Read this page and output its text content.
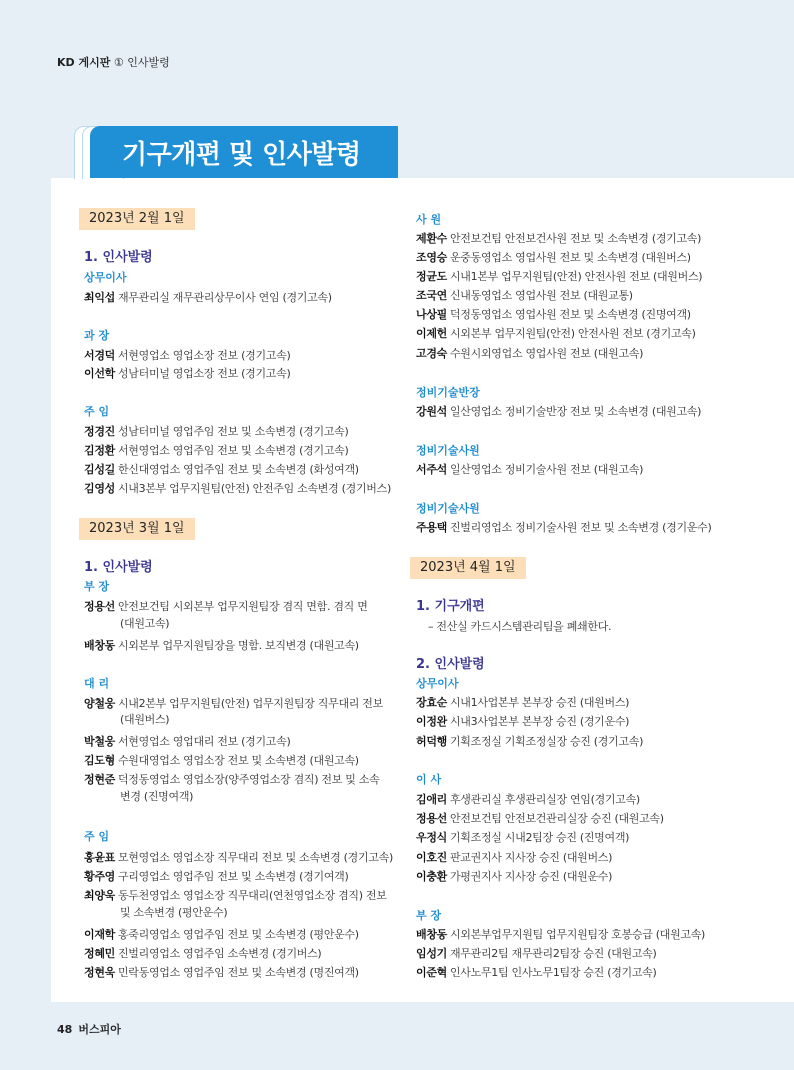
KD 게시판 ① 인사발령
기구개편 및 인사발령
2023년 2월 1일
1. 인사발령
상무이사
최익섭 재무관리실 재무관리상무이사 연임 (경기고속)
과 장
서경덕 서현영업소 영업소장 전보 (경기고속)
이선학 성남터미널 영업소장 전보 (경기고속)
주 임
정경진 성남터미널 영업주임 전보 및 소속변경 (경기고속)
김정환 서현영업소 영업주임 전보 및 소속변경 (경기고속)
김성길 한신대영업소 영업주임 전보 및 소속변경 (화성여객)
김영성 시내3본부 업무지원팀(안전) 안전주임 소속변경 (경기버스)
2023년 3월 1일
1. 인사발령
부 장
정용선 안전보건팀 시외본부 업무지원팀장 겸직 면함. 겸직 면
(대원고속)
배창동 시외본부 업무지원팀장을 명함. 보직변경 (대원고속)
대 리
양철웅 시내2본부 업무지원팀(안전) 업무지원팀장 직무대리 전보
(대원버스)
박철웅 서현영업소 영업대리 전보 (경기고속)
김도형 수원대영업소 영업소장 전보 및 소속변경 (대원고속)
정현준 덕정동영업소 영업소장(양주영업소장 겸직) 전보 및 소속
변경 (진명여객)
주 임
홍윤표 모현영업소 영업소장 직무대리 전보 및 소속변경 (경기고속)
황주영 구리영업소 영업주임 전보 및 소속변경 (경기여객)
최양욱 동두천영업소 영업소장 직무대리(연천영업소장 겸직) 전보
및 소속변경 (평안운수)
이재학 홍죽리영업소 영업주임 전보 및 소속변경 (평안운수)
정혜민 진벌리영업소 영업주임 소속변경 (경기버스)
정현욱 민락동영업소 영업주임 전보 및 소속변경 (명진여객)
사 원
제환수 안전보건팀 안전보건사원 전보 및 소속변경 (경기고속)
조영승 운중동영업소 영업사원 전보 및 소속변경 (대원버스)
정균도 시내1본부 업무지원팀(안전) 안전사원 전보 (대원버스)
조국연 신내동영업소 영업사원 전보 (대원교통)
나상필 덕정동영업소 영업사원 전보 및 소속변경 (진명여객)
이제헌 시외본부 업무지원팀(안전) 안전사원 전보 (경기고속)
고경숙 수원시외영업소 영업사원 전보 (대원고속)
정비기술반장
강원석 일산영업소 정비기술반장 전보 및 소속변경 (대원고속)
정비기술사원
서주석 일산영업소 정비기술사원 전보 (대원고속)
정비기술사원
주용택 진벌리영업소 정비기술사원 전보 및 소속변경 (경기운수)
2023년 4월 1일
1. 기구개편
– 전산실 카드시스템관리팀을 폐쇄한다.
2. 인사발령
상무이사
장효순 시내1사업본부 본부장 승진 (대원버스)
이정완 시내3사업본부 본부장 승진 (경기운수)
허덕행 기획조정실 기획조정실장 승진 (경기고속)
이 사
김애리 후생관리실 후생관리실장 연임(경기고속)
정용선 안전보건팀 안전보건관리실장 승진 (대원고속)
우정식 기획조정실 시내2팀장 승진 (진명여객)
이호진 판교권지사 지사장 승진 (대원버스)
이충환 가평권지사 지사장 승진 (대원운수)
부 장
배창동 시외본부업무지원팀 업무지원팀장 호봉승급 (대원고속)
임성기 재무관리2팀 재무관리2팀장 승진 (대원고속)
이준혁 인사노무1팀 인사노무1팀장 승진 (경기고속)
48 버스피아
